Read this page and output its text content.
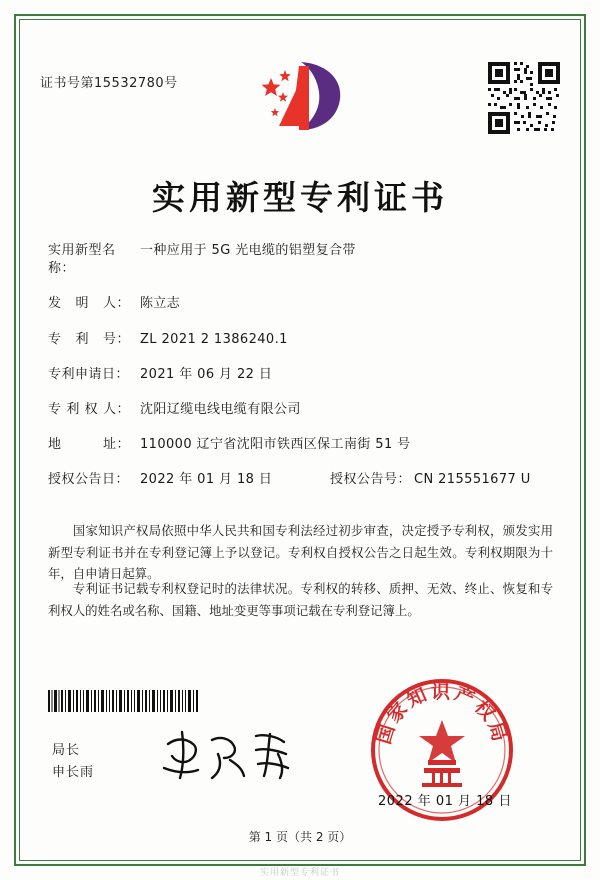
证书号第15532780号
实用新型专利证书
实用新型名称：
一种应用于 5G 光电缆的铝塑复合带
发 明 人： 陈立志
专 利 号： ZL 2021 2 1386240.1
专利申请日： 2021 年 06 月 22 日
专 利 权 人： 沈阳辽缆电线电缆有限公司
地	址： 110000 辽宁省沈阳市铁西区保工南街 51 号
授权公告日： 2022 年 01 月 18 日	授权公告号： CN 215551677 U
国家知识产权局依照中华人民共和国专利法经过初步审查，决定授予专利权，颁发实用新型专利证书并在专利登记簿上予以登记。专利权自授权公告之日起生效。专利权期限为十年，自申请日起算。
专利证书记载专利权登记时的法律状况。专利权的转移、质押、无效、终止、恢复和专利权人的姓名或名称、国籍、地址变更等事项记载在专利登记簿上。
局长
申长雨
国家知识产权局
2022 年 01 月 18 日
第 1 页（共 2 页）
实用新型专利证书
